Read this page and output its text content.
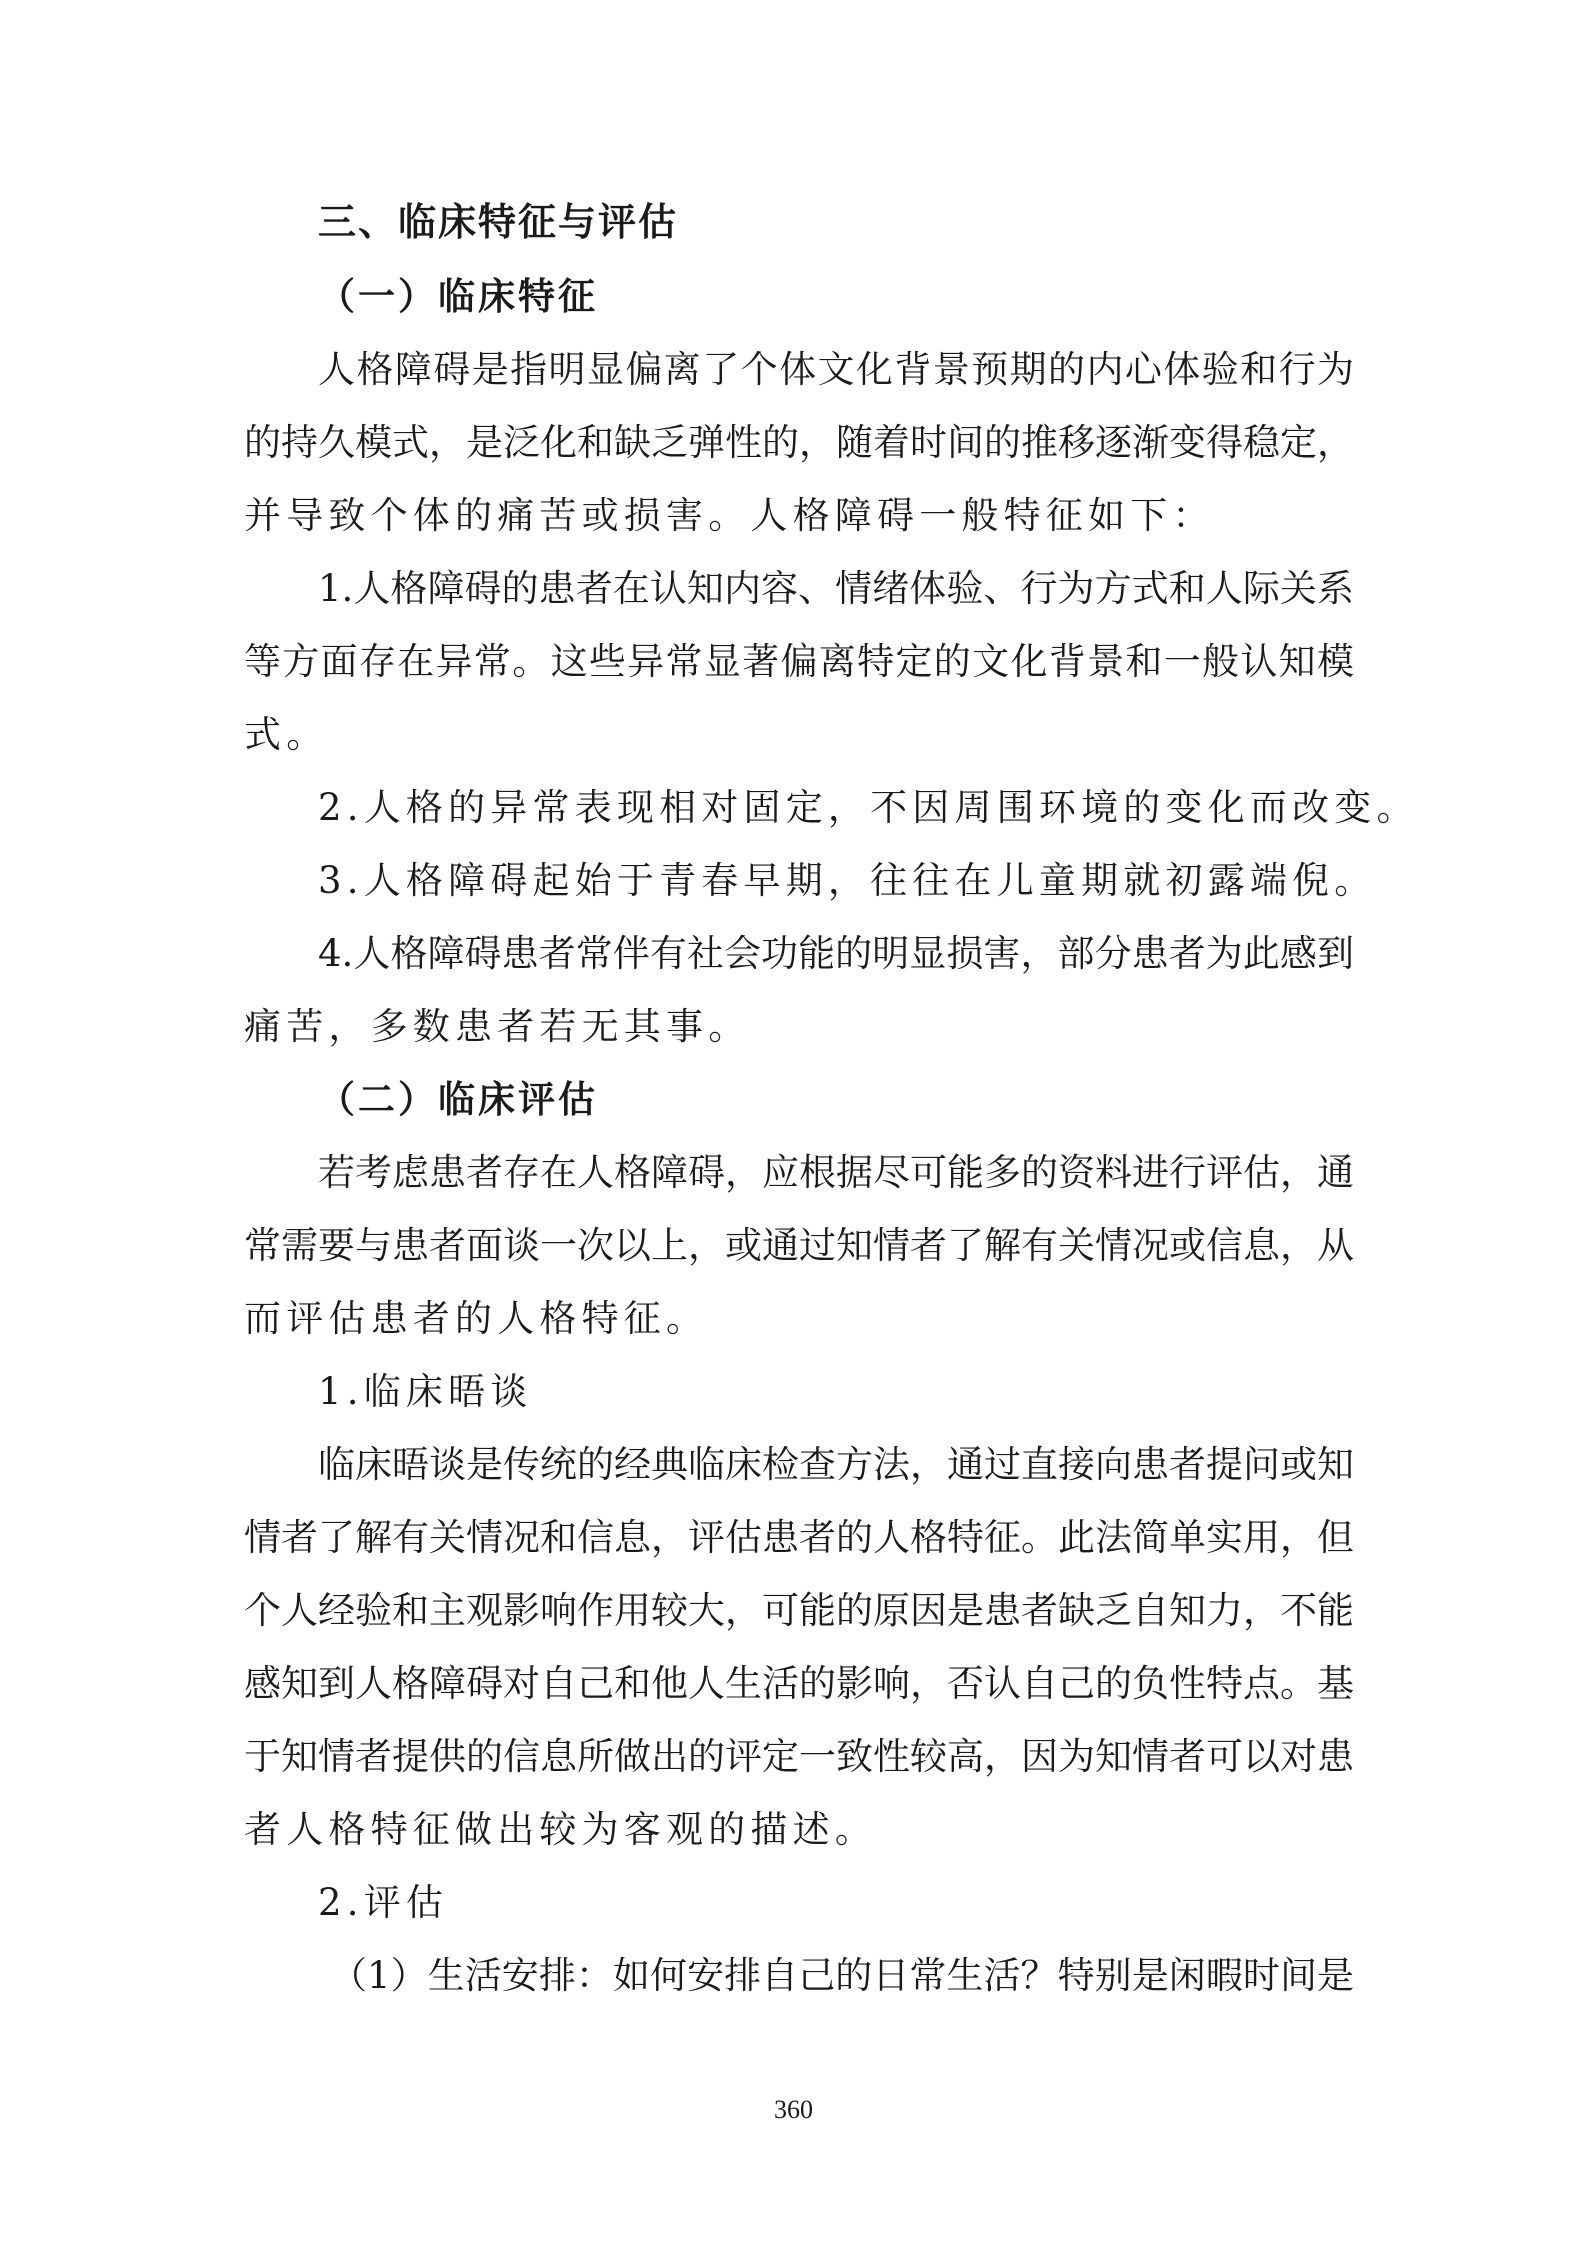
三、临床特征与评估
（一）临床特征
人格障碍是指明显偏离了个体文化背景预期的内心体验和行为
的持久模式，是泛化和缺乏弹性的，随着时间的推移逐渐变得稳定，
并导致个体的痛苦或损害。人格障碍一般特征如下：
1.人格障碍的患者在认知内容、情绪体验、行为方式和人际关系
等方面存在异常。这些异常显著偏离特定的文化背景和一般认知模
式。
2.人格的异常表现相对固定，不因周围环境的变化而改变。
3.人格障碍起始于青春早期，往往在儿童期就初露端倪。
4.人格障碍患者常伴有社会功能的明显损害，部分患者为此感到
痛苦，多数患者若无其事。
（二）临床评估
若考虑患者存在人格障碍，应根据尽可能多的资料进行评估，通
常需要与患者面谈一次以上，或通过知情者了解有关情况或信息，从
而评估患者的人格特征。
1.临床晤谈
临床晤谈是传统的经典临床检查方法，通过直接向患者提问或知
情者了解有关情况和信息，评估患者的人格特征。此法简单实用，但
个人经验和主观影响作用较大，可能的原因是患者缺乏自知力，不能
感知到人格障碍对自己和他人生活的影响，否认自己的负性特点。基
于知情者提供的信息所做出的评定一致性较高，因为知情者可以对患
者人格特征做出较为客观的描述。
2.评估
（1）生活安排：如何安排自己的日常生活？特别是闲暇时间是
360
